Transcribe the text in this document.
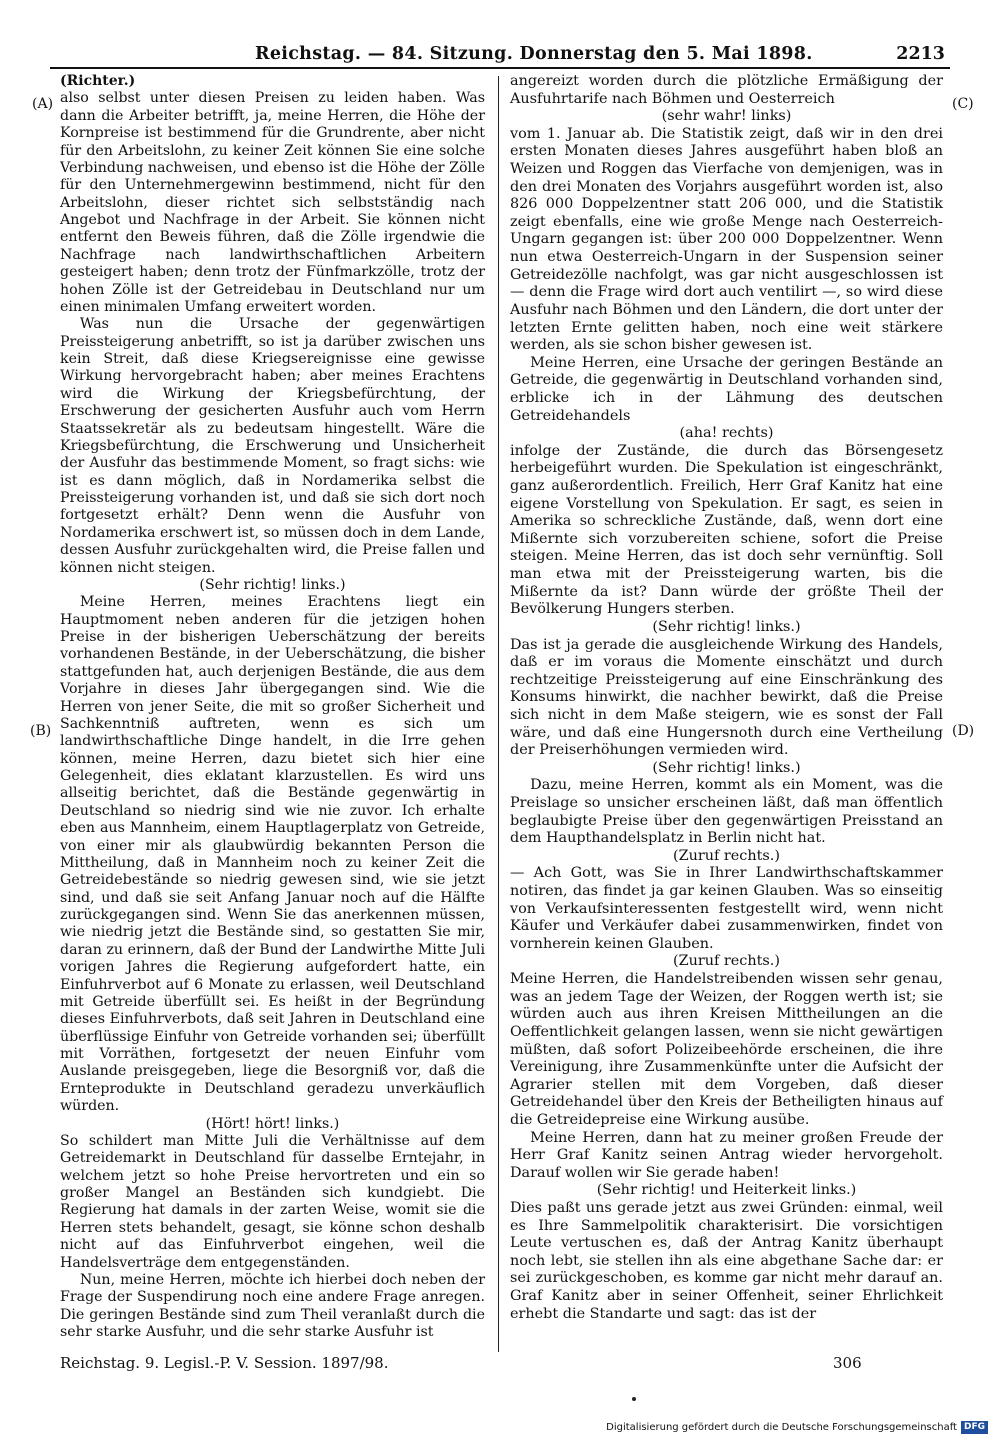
Reichstag. — 84. Sitzung. Donnerstag den 5. Mai 1898.	2213
(A)
(B)
(C)
(D)

(Richter.)

also selbst unter diesen Preisen zu leiden haben. Was dann die Arbeiter betrifft, ja, meine Herren, die Höhe der Kornpreise ist bestimmend für die Grundrente, aber nicht für den Arbeitslohn, zu keiner Zeit können Sie eine solche Verbindung nachweisen, und ebenso ist die Höhe der Zölle für den Unternehmergewinn bestimmend, nicht für den Arbeitslohn, dieser richtet sich selbstständig nach Angebot und Nachfrage in der Arbeit. Sie können nicht entfernt den Beweis führen, daß die Zölle irgendwie die Nachfrage nach landwirthschaftlichen Arbeitern gesteigert haben; denn trotz der Fünfmarkzölle, trotz der hohen Zölle ist der Getreidebau in Deutschland nur um einen minimalen Umfang erweitert worden.

Was nun die Ursache der gegenwärtigen Preissteigerung anbetrifft, so ist ja darüber zwischen uns kein Streit, daß diese Kriegsereignisse eine gewisse Wirkung hervorgebracht haben; aber meines Erachtens wird die Wirkung der Kriegsbefürchtung, der Erschwerung der gesicherten Ausfuhr auch vom Herrn Staatssekretär als zu bedeutsam hingestellt. Wäre die Kriegsbefürchtung, die Erschwerung und Unsicherheit der Ausfuhr das bestimmende Moment, so fragt sichs: wie ist es dann möglich, daß in Nordamerika selbst die Preissteigerung vorhanden ist, und daß sie sich dort noch fortgesetzt erhält? Denn wenn die Ausfuhr von Nordamerika erschwert ist, so müssen doch in dem Lande, dessen Ausfuhr zurückgehalten wird, die Preise fallen und können nicht steigen.

(Sehr richtig! links.)

Meine Herren, meines Erachtens liegt ein Hauptmoment neben anderen für die jetzigen hohen Preise in der bisherigen Ueberschätzung der bereits vorhandenen Bestände, in der Ueberschätzung, die bisher stattgefunden hat, auch derjenigen Bestände, die aus dem Vorjahre in dieses Jahr übergegangen sind. Wie die Herren von jener Seite, die mit so großer Sicherheit und Sachkenntniß auftreten, wenn es sich um landwirthschaftliche Dinge handelt, in die Irre gehen können, meine Herren, dazu bietet sich hier eine Gelegenheit, dies eklatant klarzustellen. Es wird uns allseitig berichtet, daß die Bestände gegenwärtig in Deutschland so niedrig sind wie nie zuvor. Ich erhalte eben aus Mannheim, einem Hauptlagerplatz von Getreide, von einer mir als glaubwürdig bekannten Person die Mittheilung, daß in Mannheim noch zu keiner Zeit die Getreidebestände so niedrig gewesen sind, wie sie jetzt sind, und daß sie seit Anfang Januar noch auf die Hälfte zurückgegangen sind. Wenn Sie das anerkennen müssen, wie niedrig jetzt die Bestände sind, so gestatten Sie mir, daran zu erinnern, daß der Bund der Landwirthe Mitte Juli vorigen Jahres die Regierung aufgefordert hatte, ein Einfuhrverbot auf 6 Monate zu erlassen, weil Deutschland mit Getreide überfüllt sei. Es heißt in der Begründung dieses Einfuhrverbots, daß seit Jahren in Deutschland eine überflüssige Einfuhr von Getreide vorhanden sei; überfüllt mit Vorräthen, fortgesetzt der neuen Einfuhr vom Auslande preisgegeben, liege die Besorgniß vor, daß die Ernteprodukte in Deutschland geradezu unverkäuflich würden.

(Hört! hört! links.)

So schildert man Mitte Juli die Verhältnisse auf dem Getreidemarkt in Deutschland für dasselbe Erntejahr, in welchem jetzt so hohe Preise hervortreten und ein so großer Mangel an Beständen sich kundgiebt. Die Regierung hat damals in der zarten Weise, womit sie die Herren stets behandelt, gesagt, sie könne schon deshalb nicht auf das Einfuhrverbot eingehen, weil die Handelsverträge dem entgegenständen.

Nun, meine Herren, möchte ich hierbei doch neben der Frage der Suspendirung noch eine andere Frage anregen. Die geringen Bestände sind zum Theil veranlaßt durch die sehr starke Ausfuhr, und die sehr starke Ausfuhr ist

angereizt worden durch die plötzliche Ermäßigung der Ausfuhrtarife nach Böhmen und Oesterreich

(sehr wahr! links)

vom 1. Januar ab. Die Statistik zeigt, daß wir in den drei ersten Monaten dieses Jahres ausgeführt haben bloß an Weizen und Roggen das Vierfache von demjenigen, was in den drei Monaten des Vorjahrs ausgeführt worden ist, also 826 000 Doppelzentner statt 206 000, und die Statistik zeigt ebenfalls, eine wie große Menge nach Oesterreich-Ungarn gegangen ist: über 200 000 Doppelzentner. Wenn nun etwa Oesterreich-Ungarn in der Suspension seiner Getreidezölle nachfolgt, was gar nicht ausgeschlossen ist — denn die Frage wird dort auch ventilirt —, so wird diese Ausfuhr nach Böhmen und den Ländern, die dort unter der letzten Ernte gelitten haben, noch eine weit stärkere werden, als sie schon bisher gewesen ist.

Meine Herren, eine Ursache der geringen Bestände an Getreide, die gegenwärtig in Deutschland vorhanden sind, erblicke ich in der Lähmung des deutschen Getreidehandels

(aha! rechts)

infolge der Zustände, die durch das Börsengesetz herbeigeführt wurden. Die Spekulation ist eingeschränkt, ganz außerordentlich. Freilich, Herr Graf Kanitz hat eine eigene Vorstellung von Spekulation. Er sagt, es seien in Amerika so schreckliche Zustände, daß, wenn dort eine Mißernte sich vorzubereiten schiene, sofort die Preise steigen. Meine Herren, das ist doch sehr vernünftig. Soll man etwa mit der Preissteigerung warten, bis die Mißernte da ist? Dann würde der größte Theil der Bevölkerung Hungers sterben.

(Sehr richtig! links.)

Das ist ja gerade die ausgleichende Wirkung des Handels, daß er im voraus die Momente einschätzt und durch rechtzeitige Preissteigerung auf eine Einschränkung des Konsums hinwirkt, die nachher bewirkt, daß die Preise sich nicht in dem Maße steigern, wie es sonst der Fall wäre, und daß eine Hungersnoth durch eine Vertheilung der Preiserhöhungen vermieden wird.

(Sehr richtig! links.)

Dazu, meine Herren, kommt als ein Moment, was die Preislage so unsicher erscheinen läßt, daß man öffentlich beglaubigte Preise über den gegenwärtigen Preisstand an dem Haupthandelsplatz in Berlin nicht hat.

(Zuruf rechts.)

— Ach Gott, was Sie in Ihrer Landwirthschaftskammer notiren, das findet ja gar keinen Glauben. Was so einseitig von Verkaufsinteressenten festgestellt wird, wenn nicht Käufer und Verkäufer dabei zusammenwirken, findet von vornherein keinen Glauben.

(Zuruf rechts.)

Meine Herren, die Handelstreibenden wissen sehr genau, was an jedem Tage der Weizen, der Roggen werth ist; sie würden auch aus ihren Kreisen Mittheilungen an die Oeffentlichkeit gelangen lassen, wenn sie nicht gewärtigen müßten, daß sofort Polizeibeehörde erscheinen, die ihre Vereinigung, ihre Zusammenkünfte unter die Aufsicht der Agrarier stellen mit dem Vorgeben, daß dieser Getreidehandel über den Kreis der Betheiligten hinaus auf die Getreidepreise eine Wirkung ausübe.

Meine Herren, dann hat zu meiner großen Freude der Herr Graf Kanitz seinen Antrag wieder hervorgeholt. Darauf wollen wir Sie gerade haben!

(Sehr richtig! und Heiterkeit links.)

Dies paßt uns gerade jetzt aus zwei Gründen: einmal, weil es Ihre Sammelpolitik charakterisirt. Die vorsichtigen Leute vertuschen es, daß der Antrag Kanitz überhaupt noch lebt, sie stellen ihn als eine abgethane Sache dar: er sei zurückgeschoben, es komme gar nicht mehr darauf an. Graf Kanitz aber in seiner Offenheit, seiner Ehrlichkeit erhebt die Standarte und sagt: das ist der

Reichstag. 9. Legisl.-P. V. Session. 1897/98.	306
Digitalisierung gefördert durch die Deutsche Forschungsgemeinschaft DFG
